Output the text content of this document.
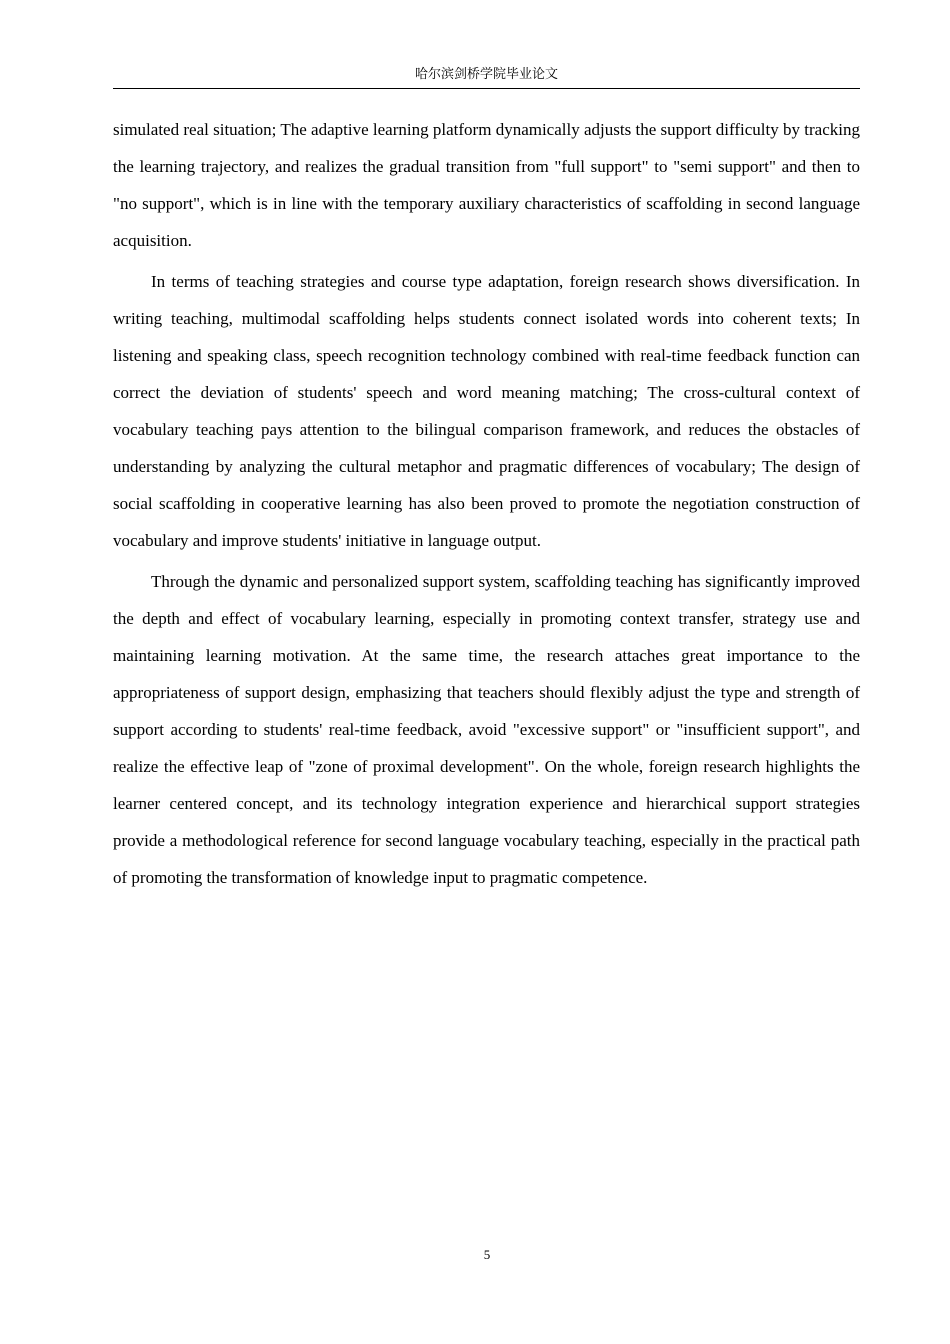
哈尔滨剑桥学院毕业论文

simulated real situation; The adaptive learning platform dynamically adjusts the support difficulty by tracking the learning trajectory, and realizes the gradual transition from "full support" to "semi support" and then to "no support", which is in line with the temporary auxiliary characteristics of scaffolding in second language acquisition.

In terms of teaching strategies and course type adaptation, foreign research shows diversification. In writing teaching, multimodal scaffolding helps students connect isolated words into coherent texts; In listening and speaking class, speech recognition technology combined with real-time feedback function can correct the deviation of students' speech and word meaning matching; The cross-cultural context of vocabulary teaching pays attention to the bilingual comparison framework, and reduces the obstacles of understanding by analyzing the cultural metaphor and pragmatic differences of vocabulary; The design of social scaffolding in cooperative learning has also been proved to promote the negotiation construction of vocabulary and improve students' initiative in language output.

Through the dynamic and personalized support system, scaffolding teaching has significantly improved the depth and effect of vocabulary learning, especially in promoting context transfer, strategy use and maintaining learning motivation. At the same time, the research attaches great importance to the appropriateness of support design, emphasizing that teachers should flexibly adjust the type and strength of support according to students' real-time feedback, avoid "excessive support" or "insufficient support", and realize the effective leap of "zone of proximal development". On the whole, foreign research highlights the learner centered concept, and its technology integration experience and hierarchical support strategies provide a methodological reference for second language vocabulary teaching, especially in the practical path of promoting the transformation of knowledge input to pragmatic competence.

5
